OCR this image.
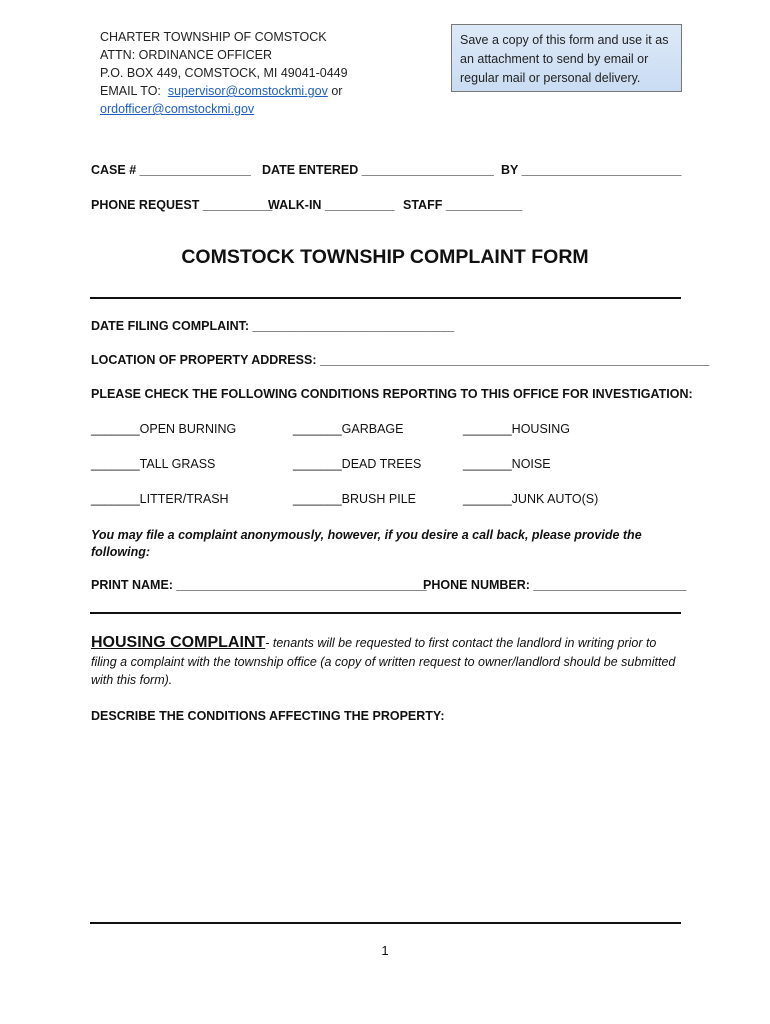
CHARTER TOWNSHIP OF COMSTOCK
ATTN: ORDINANCE OFFICER
P.O. BOX 449, COMSTOCK, MI 49041-0449
EMAIL TO: supervisor@comstockmi.gov or
ordofficer@comstockmi.gov
Save a copy of this form and use it as an attachment to send by email or regular mail or personal delivery.
CASE # ________________ DATE ENTERED ___________________ BY _______________________
PHONE REQUEST __________
WALK-IN __________ STAFF ___________
COMSTOCK TOWNSHIP COMPLAINT FORM
DATE FILING COMPLAINT: _____________________________
LOCATION OF PROPERTY ADDRESS: ________________________________________________________
PLEASE CHECK THE FOLLOWING CONDITIONS REPORTING TO THIS OFFICE FOR INVESTIGATION:
_______OPEN BURNING	_______GARBAGE	_______HOUSING
_______TALL GRASS	_______DEAD TREES	_______NOISE
_______LITTER/TRASH	_______BRUSH PILE	_______JUNK AUTO(S)
You may file a complaint anonymously, however, if you desire a call back, please provide the following:
PRINT NAME: ____________________________________
PHONE NUMBER: ______________________
HOUSING COMPLAINT- tenants will be requested to first contact the landlord in writing prior to filing a complaint with the township office (a copy of written request to owner/landlord should be submitted with this form).
DESCRIBE THE CONDITIONS AFFECTING THE PROPERTY:
1
